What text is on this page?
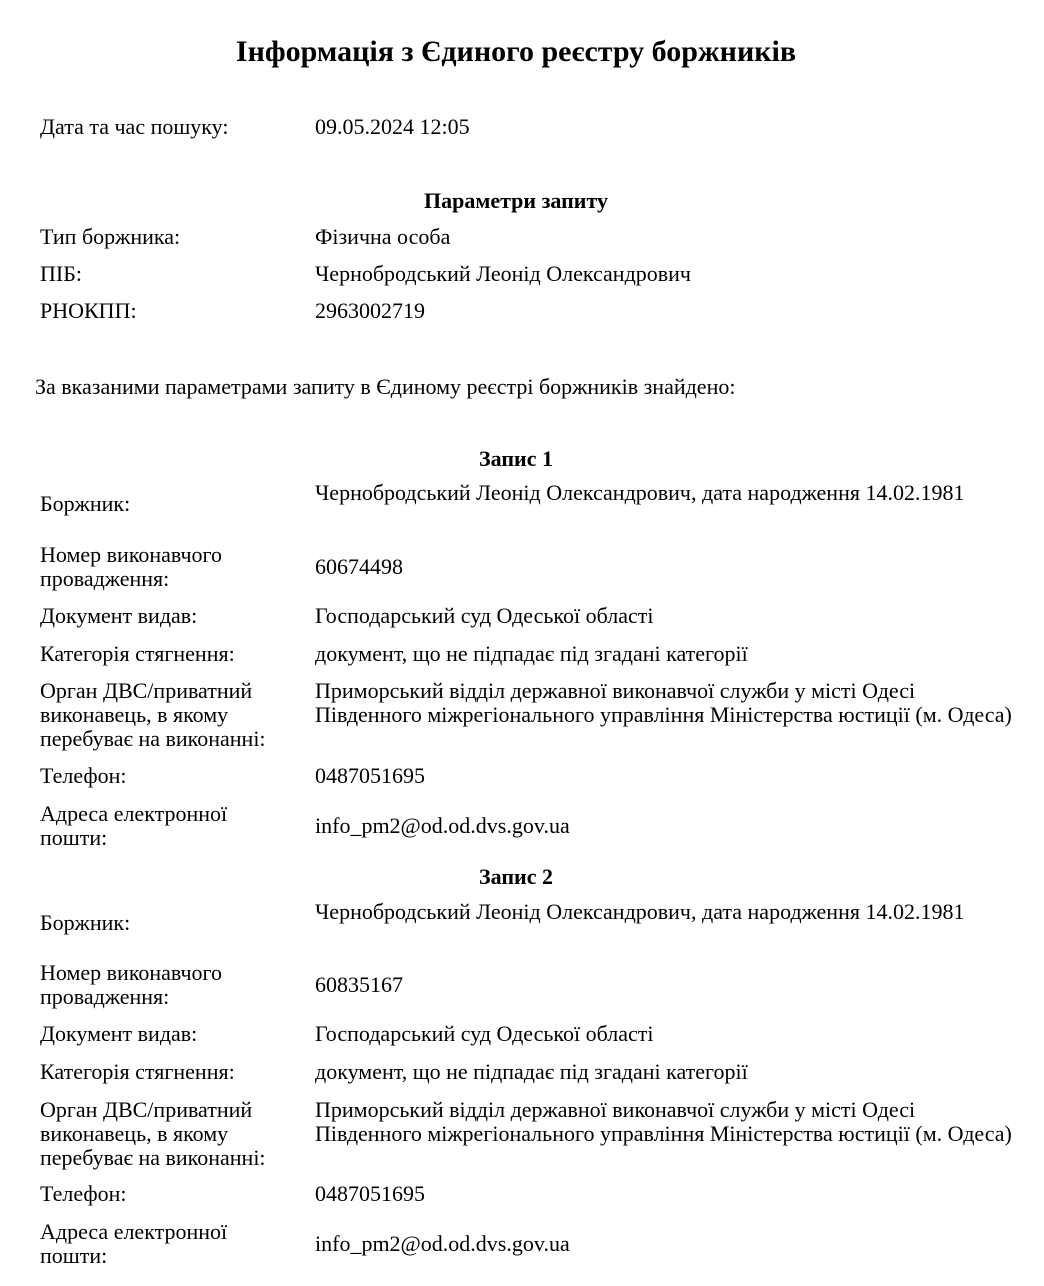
Інформація з Єдиного реєстру боржників
Дата та час пошуку:	09.05.2024 12:05
Параметри запиту
Тип боржника:	Фізична особа
ПІБ:	Чернобродський Леонід Олександрович
РНОКПП:	2963002719
За вказаними параметрами запиту в Єдиному реєстрі боржників знайдено:
Запис 1
Боржник:	Чернобродський Леонід Олександрович, дата народження 14.02.1981
Номер виконавчого провадження:	60674498
Документ видав:	Господарський суд Одеської області
Категорія стягнення:	документ, що не підпадає під згадані категорії
Орган ДВС/приватний виконавець, в якому перебуває на виконанні:
Приморський відділ державної виконавчої служби у місті Одесі Південного міжрегіонального управління Міністерства юстиції (м. Одеса)
Телефон:	0487051695
Адреса електронної пошти:	info_pm2@od.od.dvs.gov.ua
Запис 2
Боржник:	Чернобродський Леонід Олександрович, дата народження 14.02.1981
Номер виконавчого провадження:	60835167
Документ видав:	Господарський суд Одеської області
Категорія стягнення:	документ, що не підпадає під згадані категорії
Орган ДВС/приватний виконавець, в якому перебуває на виконанні:
Приморський відділ державної виконавчої служби у місті Одесі Південного міжрегіонального управління Міністерства юстиції (м. Одеса)
Телефон:	0487051695
Адреса електронної пошти:	info_pm2@od.od.dvs.gov.ua
